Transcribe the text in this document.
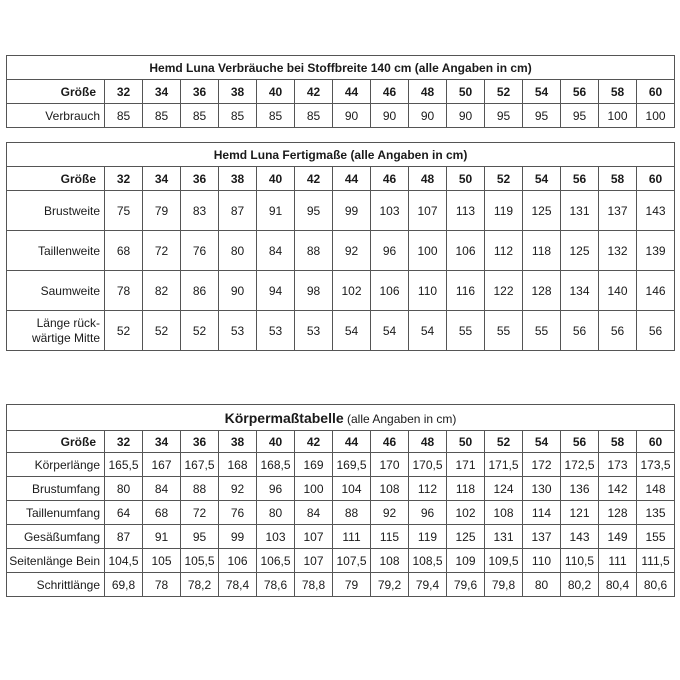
Hemd Luna Verbräuche bei Stoffbreite 140 cm (alle Angaben in cm)															
Größe	32	34	36	38	40	42	44	46	48	50	52	54	56	58	60
Verbrauch	85	85	85	85	85	85	90	90	90	90	95	95	95	100	100
Hemd Luna Fertigmaße (alle Angaben in cm)															
Größe	32	34	36	38	40	42	44	46	48	50	52	54	56	58	60
Brustweite	75	79	83	87	91	95	99	103	107	113	119	125	131	137	143
Taillenweite	68	72	76	80	84	88	92	96	100	106	112	118	125	132	139
Saumweite	78	82	86	90	94	98	102	106	110	116	122	128	134	140	146
Länge rück-wärtige Mitte	52	52	52	53	53	53	54	54	54	55	55	55	56	56	56
Körpermaßtabelle (alle Angaben in cm)															
Größe	32	34	36	38	40	42	44	46	48	50	52	54	56	58	60
Körperlänge	165,5	167	167,5	168	168,5	169	169,5	170	170,5	171	171,5	172	172,5	173	173,5
Brustumfang	80	84	88	92	96	100	104	108	112	118	124	130	136	142	148
Taillenumfang	64	68	72	76	80	84	88	92	96	102	108	114	121	128	135
Gesäßumfang	87	91	95	99	103	107	111	115	119	125	131	137	143	149	155
Seitenlänge Bein	104,5	105	105,5	106	106,5	107	107,5	108	108,5	109	109,5	110	110,5	111	111,5
Schrittlänge	69,8	78	78,2	78,4	78,6	78,8	79	79,2	79,4	79,6	79,8	80	80,2	80,4	80,6
